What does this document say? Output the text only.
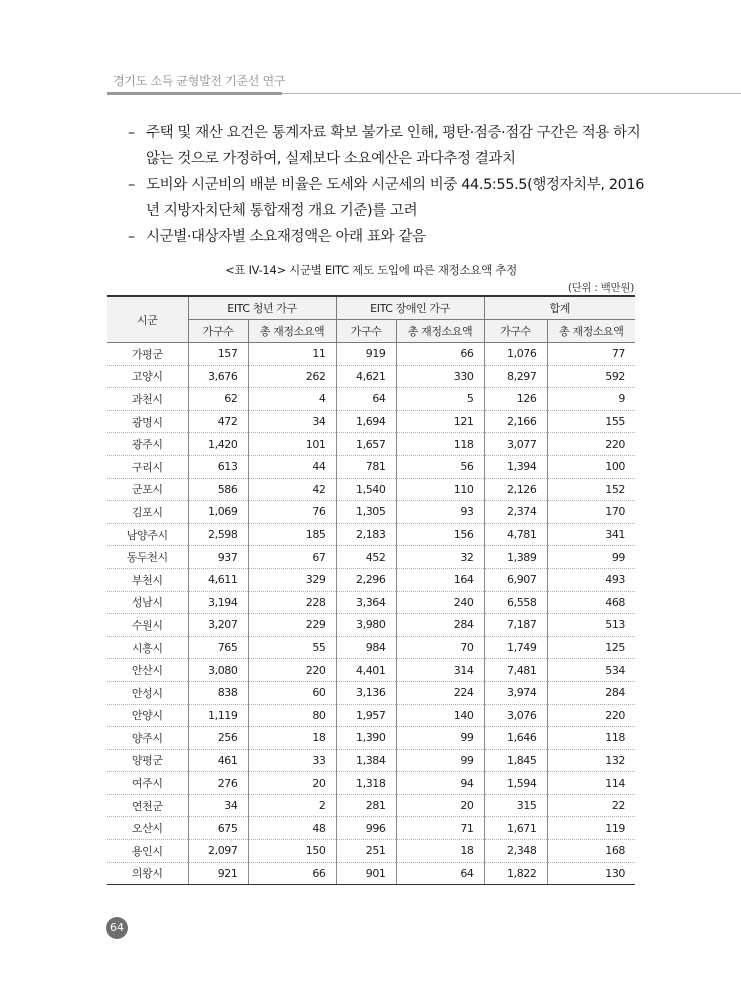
경기도 소득 균형발전 기준선 연구
– 주택 및 재산 요건은 통계자료 확보 불가로 인해, 평탄·점증·점감 구간은 적용 하지 않는 것으로 가정하여, 실제보다 소요예산은 과다추정 결과치
– 도비와 시군비의 배분 비율은 도세와 시군세의 비중 44.5:55.5(행정자치부, 2016년 지방자치단체 통합재정 개요 기준)를 고려
– 시군별·대상자별 소요재정액은 아래 표와 같음
<표 IV-14> 시군별 EITC 제도 도입에 따른 재정소요액 추정
(단위 : 백만원)
시군	EITC 청년 가구		EITC 장애인 가구		합계	
	가구수	총 재정소요액	가구수	총 재정소요액	가구수	총 재정소요액
가평군	157	11	919	66	1,076	77
고양시	3,676	262	4,621	330	8,297	592
과천시	62	4	64	5	126	9
광명시	472	34	1,694	121	2,166	155
광주시	1,420	101	1,657	118	3,077	220
구리시	613	44	781	56	1,394	100
군포시	586	42	1,540	110	2,126	152
김포시	1,069	76	1,305	93	2,374	170
남양주시	2,598	185	2,183	156	4,781	341
동두천시	937	67	452	32	1,389	99
부천시	4,611	329	2,296	164	6,907	493
성남시	3,194	228	3,364	240	6,558	468
수원시	3,207	229	3,980	284	7,187	513
시흥시	765	55	984	70	1,749	125
안산시	3,080	220	4,401	314	7,481	534
안성시	838	60	3,136	224	3,974	284
안양시	1,119	80	1,957	140	3,076	220
양주시	256	18	1,390	99	1,646	118
양평군	461	33	1,384	99	1,845	132
여주시	276	20	1,318	94	1,594	114
연천군	34	2	281	20	315	22
오산시	675	48	996	71	1,671	119
용인시	2,097	150	251	18	2,348	168
의왕시	921	66	901	64	1,822	130
64
